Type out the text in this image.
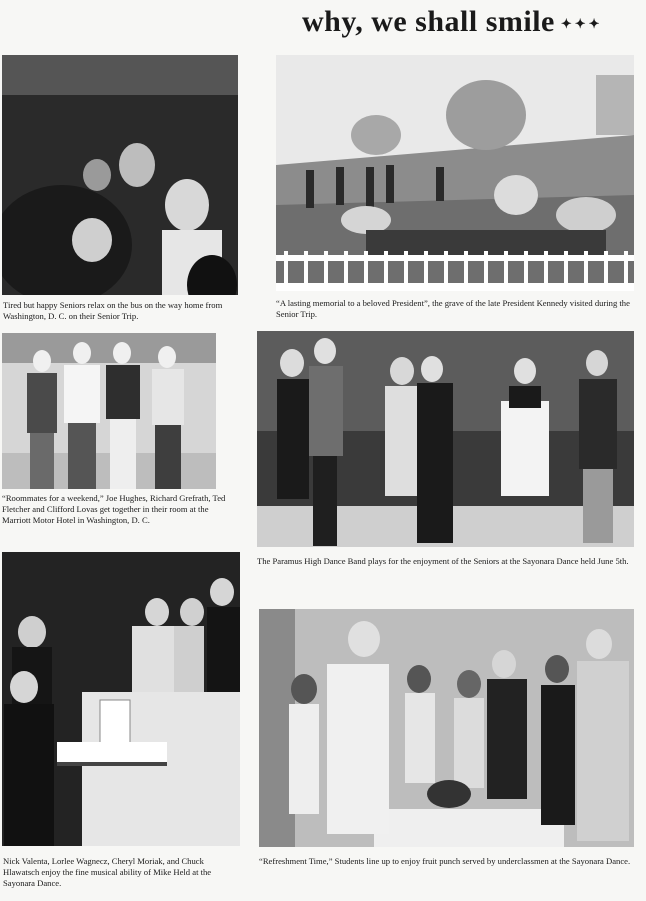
why, we shall smile ✦✦✦
Tired but happy Seniors relax on the bus on the way home from Washington, D. C. on their Senior Trip.
“A lasting memorial to a beloved President”, the grave of the late President Kennedy visited during the Senior Trip.
“Roommates for a weekend,” Joe Hughes, Richard Grefrath, Ted Fletcher and Clifford Lovas get together in their room at the Marriott Motor Hotel in Washington, D. C.
The Paramus High Dance Band plays for the enjoyment of the Seniors at the Sayonara Dance held June 5th.
Nick Valenta, Lorlee Wagnecz, Cheryl Moriak, and Chuck Hlawatsch enjoy the fine musical ability of Mike Held at the Sayonara Dance.
“Refreshment Time,” Students line up to enjoy fruit punch served by underclassmen at the Sayonara Dance.
